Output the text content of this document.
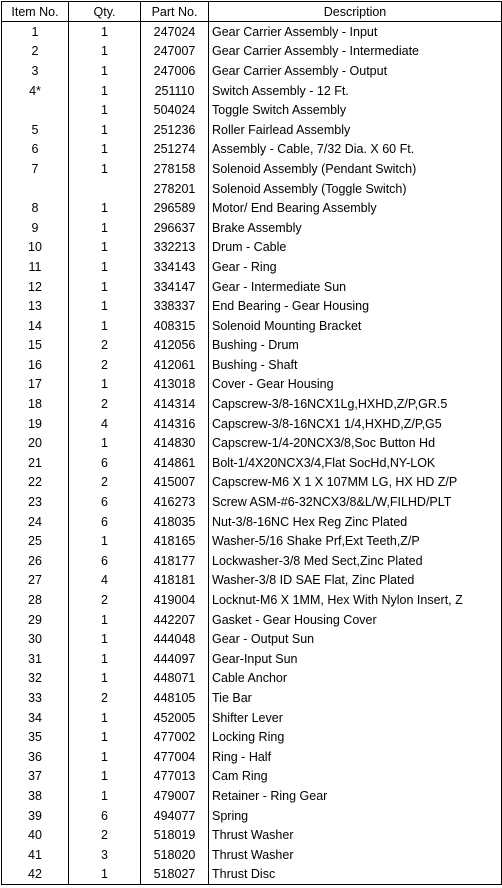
Item No.	Qty.	Part No.	Description
1	1	247024	Gear Carrier Assembly - Input
2	1	247007	Gear Carrier Assembly - Intermediate
3	1	247006	Gear Carrier Assembly - Output
4*	1	251110	Switch Assembly - 12 Ft.
	1	504024	Toggle Switch Assembly
5	1	251236	Roller Fairlead Assembly
6	1	251274	Assembly - Cable, 7/32 Dia. X 60 Ft.
7	1	278158	Solenoid Assembly (Pendant Switch)
		278201	Solenoid Assembly (Toggle Switch)
8	1	296589	Motor/ End Bearing Assembly
9	1	296637	Brake Assembly
10	1	332213	Drum - Cable
11	1	334143	Gear - Ring
12	1	334147	Gear - Intermediate Sun
13	1	338337	End Bearing - Gear Housing
14	1	408315	Solenoid Mounting Bracket
15	2	412056	Bushing - Drum
16	2	412061	Bushing - Shaft
17	1	413018	Cover - Gear Housing
18	2	414314	Capscrew-3/8-16NCX1Lg,HXHD,Z/P,GR.5
19	4	414316	Capscrew-3/8-16NCX1 1/4,HXHD,Z/P,G5
20	1	414830	Capscrew-1/4-20NCX3/8,Soc Button Hd
21	6	414861	Bolt-1/4X20NCX3/4,Flat SocHd,NY-LOK
22	2	415007	Capscrew-M6 X 1 X 107MM LG, HX HD Z/P
23	6	416273	Screw ASM-#6-32NCX3/8&L/W,FILHD/PLT
24	6	418035	Nut-3/8-16NC Hex Reg Zinc Plated
25	1	418165	Washer-5/16 Shake Prf,Ext Teeth,Z/P
26	6	418177	Lockwasher-3/8 Med Sect,Zinc Plated
27	4	418181	Washer-3/8 ID SAE Flat, Zinc Plated
28	2	419004	Locknut-M6 X 1MM, Hex With Nylon Insert, Z
29	1	442207	Gasket - Gear Housing Cover
30	1	444048	Gear - Output Sun
31	1	444097	Gear-Input Sun
32	1	448071	Cable Anchor
33	2	448105	Tie Bar
34	1	452005	Shifter Lever
35	1	477002	Locking Ring
36	1	477004	Ring - Half
37	1	477013	Cam Ring
38	1	479007	Retainer - Ring Gear
39	6	494077	Spring
40	2	518019	Thrust Washer
41	3	518020	Thrust Washer
42	1	518027	Thrust Disc
